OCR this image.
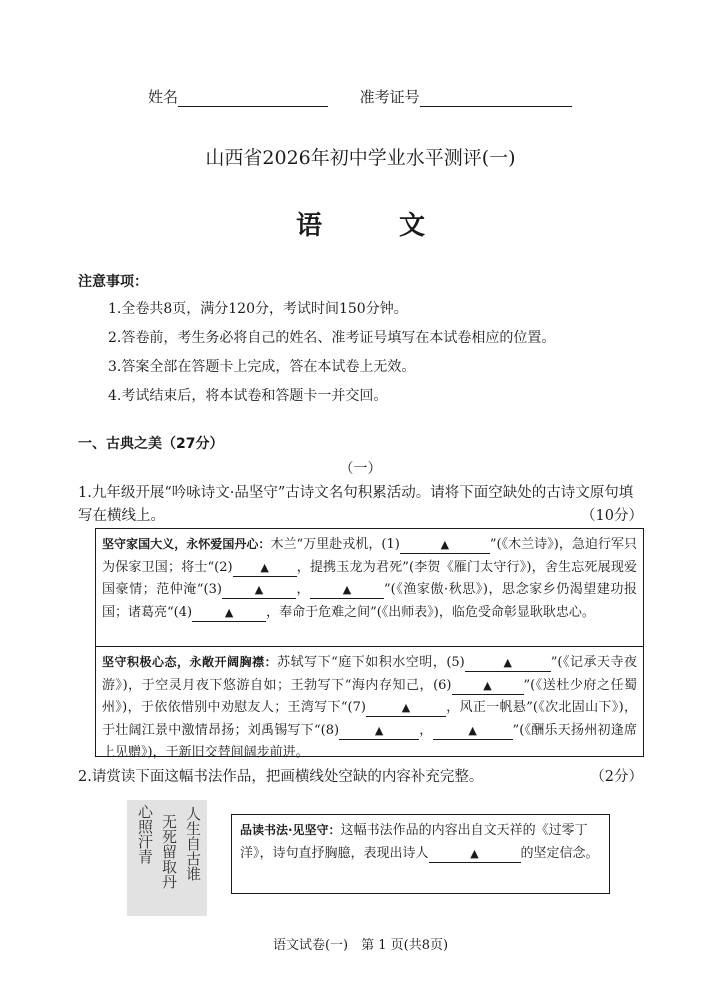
姓名	准考证号
山西省2026年初中学业水平测评(一)
语 文
注意事项：
1.全卷共8页，满分120分，考试时间150分钟。
2.答卷前，考生务必将自己的姓名、准考证号填写在本试卷相应的位置。
3.答案全部在答题卡上完成，答在本试卷上无效。
4.考试结束后，将本试卷和答题卡一并交回。
一、古典之美（27分）
（一）
1.九年级开展“吟咏诗文·品坚守”古诗文名句积累活动。请将下面空缺处的古诗文原句填写在横线上。	（10分）
坚守家国大义，永怀爱国丹心：木兰“万里赴戎机，(1)	▲	”(《木兰诗》)，急迫行军只为保家卫国；将士“(2)	▲ ，提携玉龙为君死”(李贺《雁门太守行》)，舍生忘死展现爱国豪情；范仲淹“(3)	▲	，	▲	”(《渔家傲·秋思》)，思念家乡仍渴望建功报国；诸葛亮“(4)	▲	，奉命于危难之间”(《出师表》)，临危受命彰显耿耿忠心。
坚守积极心态，永敞开阔胸襟：苏轼写下“庭下如积水空明，(5)	▲	”(《记承天寺夜游》)，于空灵月夜下悠游自如；王勃写下“海内存知己，(6)	▲ ”(《送杜少府之任蜀州》)，于依依惜别中劝慰友人；王湾写下“(7)	▲	，风正一帆悬”(《次北固山下》)，于壮阔江景中激情昂扬；刘禹锡写下“(8)	▲	，	▲	”(《酬乐天扬州初逢席上见赠》)，于新旧交替间阔步前进。
2.请赏读下面这幅书法作品，把画横线处空缺的内容补充完整。	（2分）
人生自古谁
无死留取丹
心照汗青	品读书法·见坚守：这幅书法作品的内容出自文天祥的《过零丁洋》，诗句直抒胸臆，表现出诗人	▲	的坚定信念。
语文试卷(一)　第 1 页(共8页)
